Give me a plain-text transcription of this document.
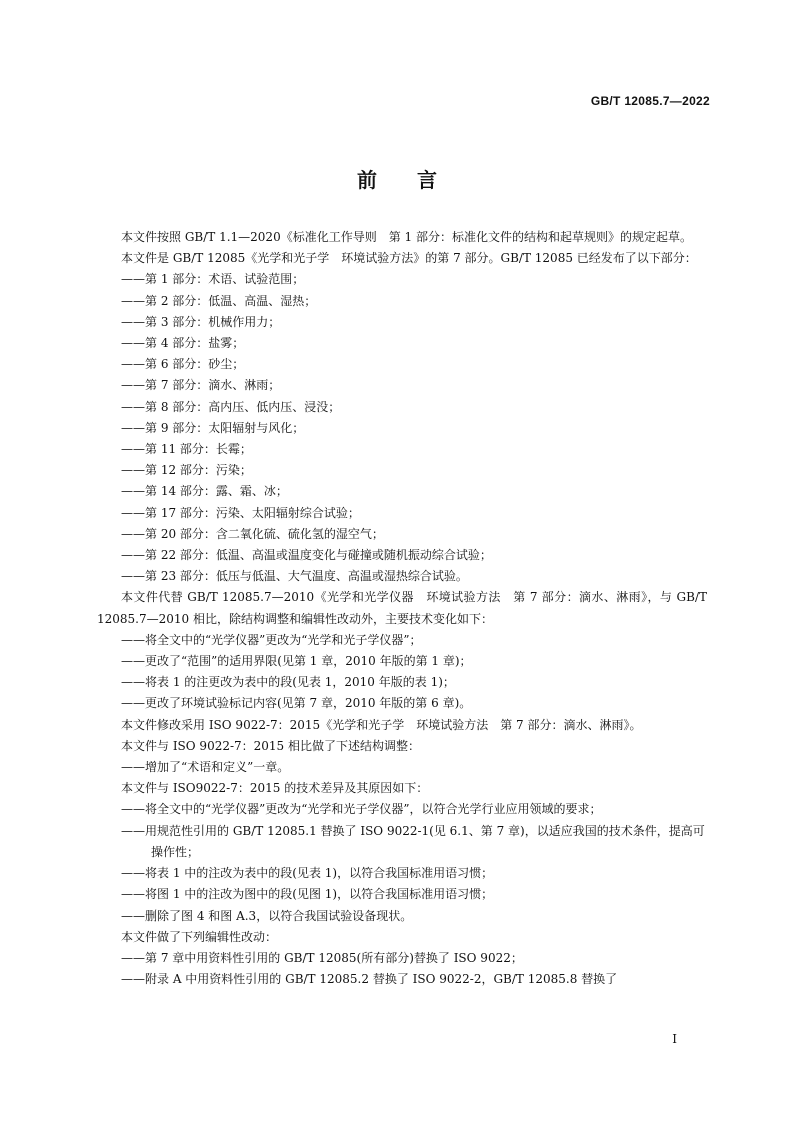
GB/T 12085.7—2022
前言

本文件按照 GB/T 1.1—2020《标准化工作导则　第 1 部分：标准化文件的结构和起草规则》的规定起草。

本文件是 GB/T 12085《光学和光子学　环境试验方法》的第 7 部分。GB/T 12085 已经发布了以下部分：

——第 1 部分：术语、试验范围；

——第 2 部分：低温、高温、湿热；

——第 3 部分：机械作用力；

——第 4 部分：盐雾；

——第 6 部分：砂尘；

——第 7 部分：滴水、淋雨；

——第 8 部分：高内压、低内压、浸没；

——第 9 部分：太阳辐射与风化；

——第 11 部分：长霉；

——第 12 部分：污染；

——第 14 部分：露、霜、冰；

——第 17 部分：污染、太阳辐射综合试验；

——第 20 部分：含二氧化硫、硫化氢的湿空气；

——第 22 部分：低温、高温或温度变化与碰撞或随机振动综合试验；

——第 23 部分：低压与低温、大气温度、高温或湿热综合试验。

本文件代替 GB/T 12085.7—2010《光学和光学仪器　环境试验方法　第 7 部分：滴水、淋雨》，与 GB/T 12085.7—2010 相比，除结构调整和编辑性改动外，主要技术变化如下：

——将全文中的“光学仪器”更改为“光学和光子学仪器”；

——更改了“范围”的适用界限(见第 1 章，2010 年版的第 1 章)；

——将表 1 的注更改为表中的段(见表 1，2010 年版的表 1)；

——更改了环境试验标记内容(见第 7 章，2010 年版的第 6 章)。

本文件修改采用 ISO 9022-7：2015《光学和光子学　环境试验方法　第 7 部分：滴水、淋雨》。

本文件与 ISO 9022-7：2015 相比做了下述结构调整：

——增加了“术语和定义”一章。

本文件与 ISO9022-7：2015 的技术差异及其原因如下：

——将全文中的“光学仪器”更改为“光学和光子学仪器”，以符合光学行业应用领域的要求；

——用规范性引用的 GB/T 12085.1 替换了 ISO 9022-1(见 6.1、第 7 章)，以适应我国的技术条件，提高可操作性；

——将表 1 中的注改为表中的段(见表 1)，以符合我国标准用语习惯；

——将图 1 中的注改为图中的段(见图 1)，以符合我国标准用语习惯；

——删除了图 4 和图 A.3，以符合我国试验设备现状。

本文件做了下列编辑性改动：

——第 7 章中用资料性引用的 GB/T 12085(所有部分)替换了 ISO 9022；

——附录 A 中用资料性引用的 GB/T 12085.2 替换了 ISO 9022-2，GB/T 12085.8 替换了

I
